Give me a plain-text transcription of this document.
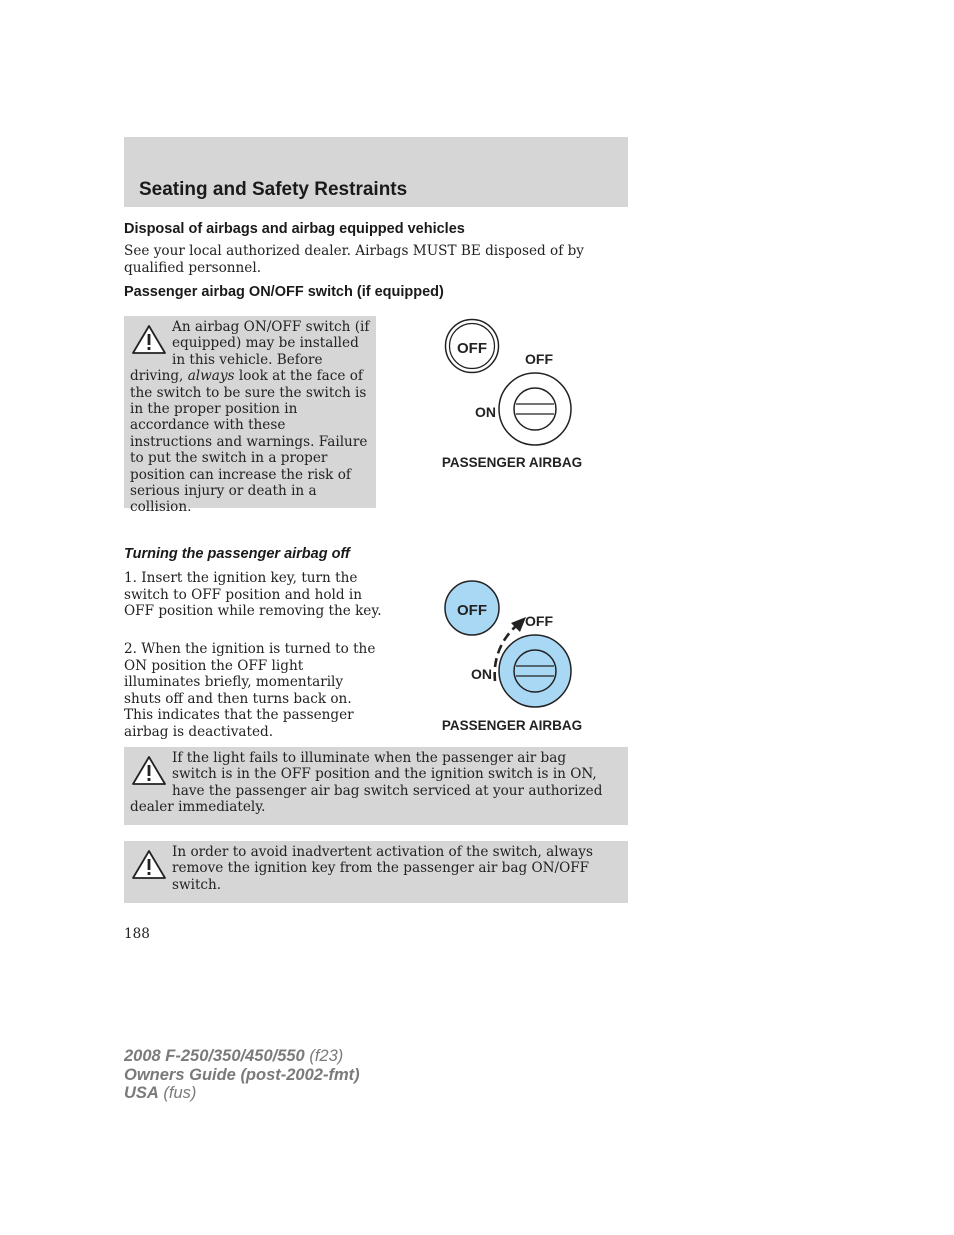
Seating and Safety Restraints
Disposal of airbags and airbag equipped vehicles
See your local authorized dealer. Airbags MUST BE disposed of by qualified personnel.
Passenger airbag ON/OFF switch (if equipped)
An airbag ON/OFF switch (if equipped) may be installed in this vehicle. Before driving, always look at the face of the switch to be sure the switch is in the proper position in accordance with these instructions and warnings. Failure to put the switch in a proper position can increase the risk of serious injury or death in a collision.
OFF
OFF
ON
PASSENGER AIRBAG
Turning the passenger airbag off
1. Insert the ignition key, turn the switch to OFF position and hold in OFF position while removing the key.
2. When the ignition is turned to the ON position the OFF light illuminates briefly, momentarily shuts off and then turns back on. This indicates that the passenger airbag is deactivated.
OFF
OFF
ON
PASSENGER AIRBAG
If the light fails to illuminate when the passenger air bag switch is in the OFF position and the ignition switch is in ON, have the passenger air bag switch serviced at your authorized dealer immediately.
In order to avoid inadvertent activation of the switch, always remove the ignition key from the passenger air bag ON/OFF switch.
188
2008 F-250/350/450/550 (f23)
Owners Guide (post-2002-fmt)
USA (fus)
